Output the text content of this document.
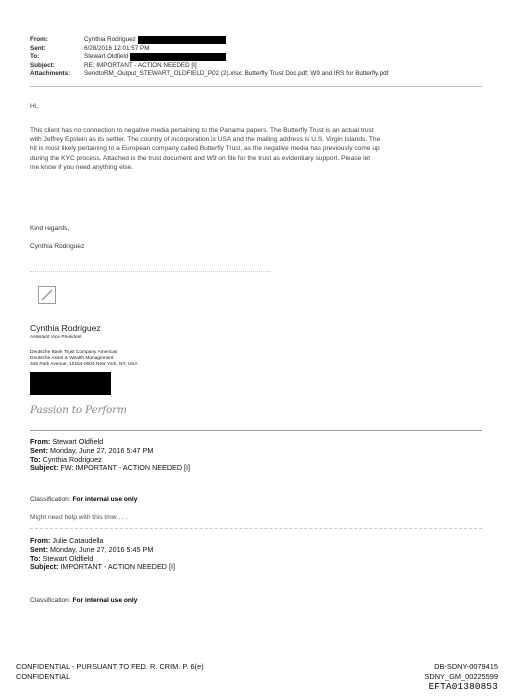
From:	Cynthia Rodriguez
Sent:	6/28/2016 12:01:57 PM
To:	Stewart Oldfield
Subject:	RE: IMPORTANT - ACTION NEEDED [I]
Attachments:	SendtoRM_Output_STEWART_OLDFIELD_P02 (2).xlsx; Butterfly Trust Doc.pdf; W9 and IRS for Butterfly.pdf
Hi,
This client has no connection to negative media pertaining to the Panama papers. The Butterfly Trust is an actual trust
with Jeffrey Epstein as its settler. The country of incorporation is USA and the mailing address is U.S. Virgin Islands. The
hit is most likely pertaining to a European company called Butterfly Trust, as the negative media has previously come up
during the KYC process. Attached is the trust document and W9 on file for the trust as evidentiary support. Please let
me know if you need anything else.
Kind regards,
Cynthia Rodriguez
Cynthia Rodriguez
Assistant Vice President
Deutsche Bank Trust Company Americas
Deutsche Asset & Wealth Management
345 Park Avenue, 10154-0004 New York, NY, USA
Passion to Perform
From: Stewart Oldfield
Sent: Monday, June 27, 2016 5:47 PM
To: Cynthia Rodriguez
Subject: FW: IMPORTANT - ACTION NEEDED [I]
Classification: For internal use only
Might need help with this tmw . . .
From: Julie Cataudella
Sent: Monday, June 27, 2016 5:45 PM
To: Stewart Oldfield
Subject: IMPORTANT - ACTION NEEDED [I]
Classification: For internal use only
CONFIDENTIAL - PURSUANT TO FED. R. CRIM. P. 6(e)
CONFIDENTIAL
DB-SDNY-0079415
SDNY_GM_00225599
EFTA01380853
